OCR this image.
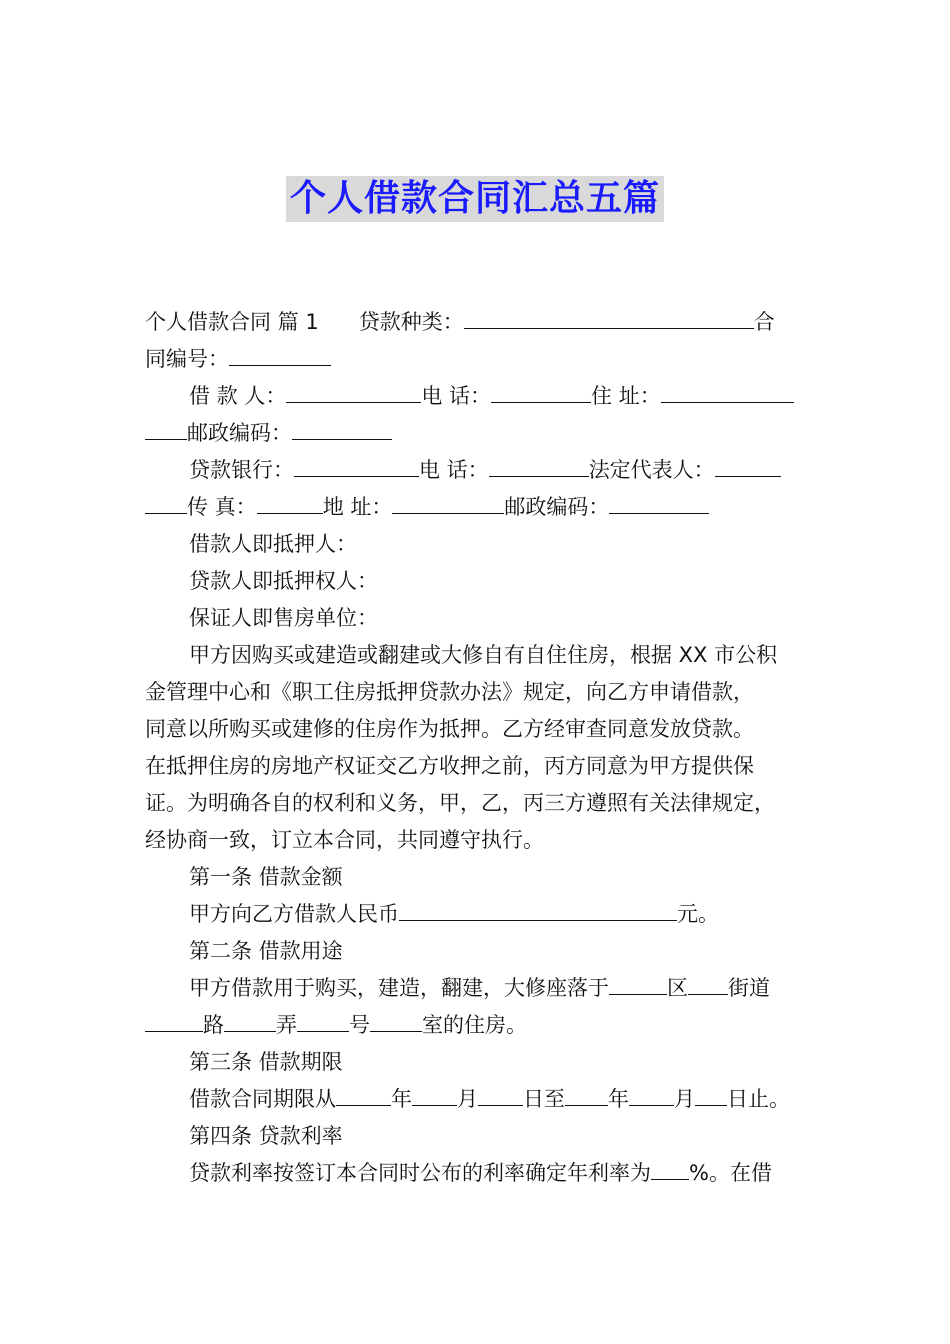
个人借款合同汇总五篇
个人借款合同 篇 1 贷款种类：	合
同编号：
借 款 人：	电 话：	住 址：
邮政编码：
贷款银行：	电 话：	法定代表人：
传 真：	地 址：	邮政编码：
借款人即抵押人：
贷款人即抵押权人：
保证人即售房单位：
甲方因购买或建造或翻建或大修自有自住住房，根据 XX 市公积
金管理中心和《职工住房抵押贷款办法》规定，向乙方申请借款，
同意以所购买或建修的住房作为抵押。乙方经审查同意发放贷款。
在抵押住房的房地产权证交乙方收押之前，丙方同意为甲方提供保
证。为明确各自的权利和义务，甲，乙，丙三方遵照有关法律规定，
经协商一致，订立本合同，共同遵守执行。
第一条 借款金额
甲方向乙方借款人民币	元。
第二条 借款用途
甲方借款用于购买，建造，翻建，大修座落于	区 街道
路 弄 号 室的住房。
第三条 借款期限
借款合同期限从	年 月 日至 年 月 日止。
第四条 贷款利率
贷款利率按签订本合同时公布的利率确定年利率为 %。在借
